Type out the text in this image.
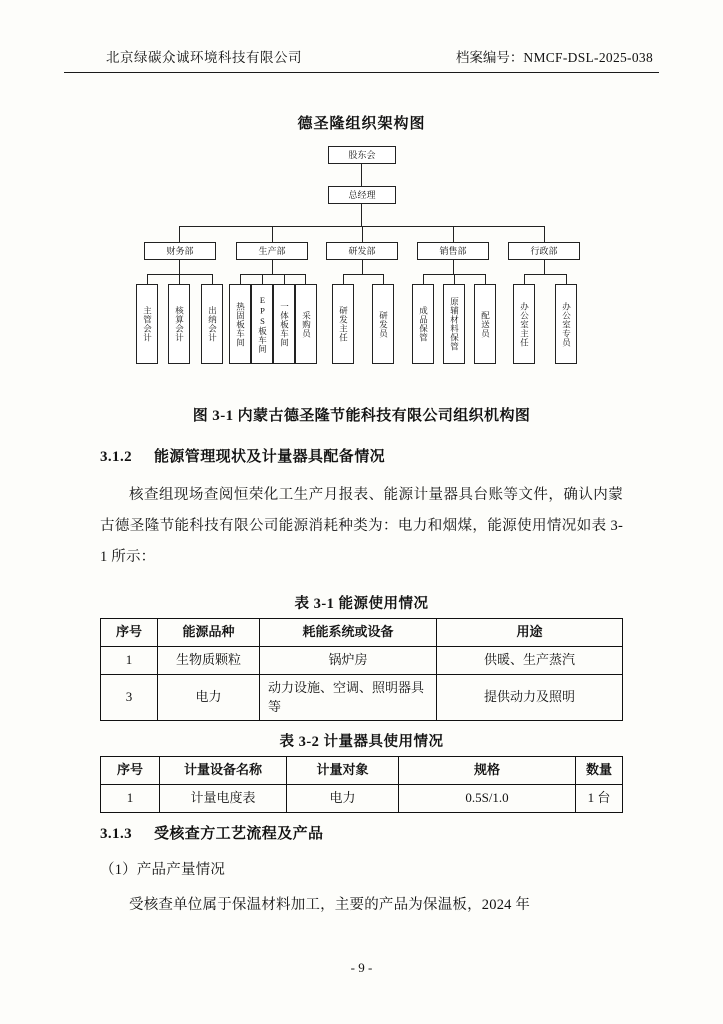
北京绿碳众诚环境科技有限公司	档案编号：NMCF-DSL-2025-038
德圣隆组织架构图
股东会
总经理
财务部	生产部	研发部	销售部	行政部
主管会计	核算会计	出纳会计	热固板车间	EPS板车间	一体板车间	采购员	研发主任	研发员	成品保管	原辅材料保管	配送员	办公室主任	办公室专员
图 3-1 内蒙古德圣隆节能科技有限公司组织机构图
3.1.2 能源管理现状及计量器具配备情况
核查组现场查阅恒荣化工生产月报表、能源计量器具台账等文件，确认内蒙古德圣隆节能科技有限公司能源消耗种类为：电力和烟煤，能源使用情况如表 3-1 所示：
表 3-1 能源使用情况
序号	能源品种	耗能系统或设备	用途
1	生物质颗粒	锅炉房	供暖、生产蒸汽
3	电力	动力设施、空调、照明器具等	提供动力及照明
表 3-2 计量器具使用情况
序号	计量设备名称	计量对象	规格	数量
1	计量电度表	电力	0.5S/1.0	1 台
3.1.3 受核查方工艺流程及产品
（1）产品产量情况
受核查单位属于保温材料加工，主要的产品为保温板，2024 年
- 9 -
